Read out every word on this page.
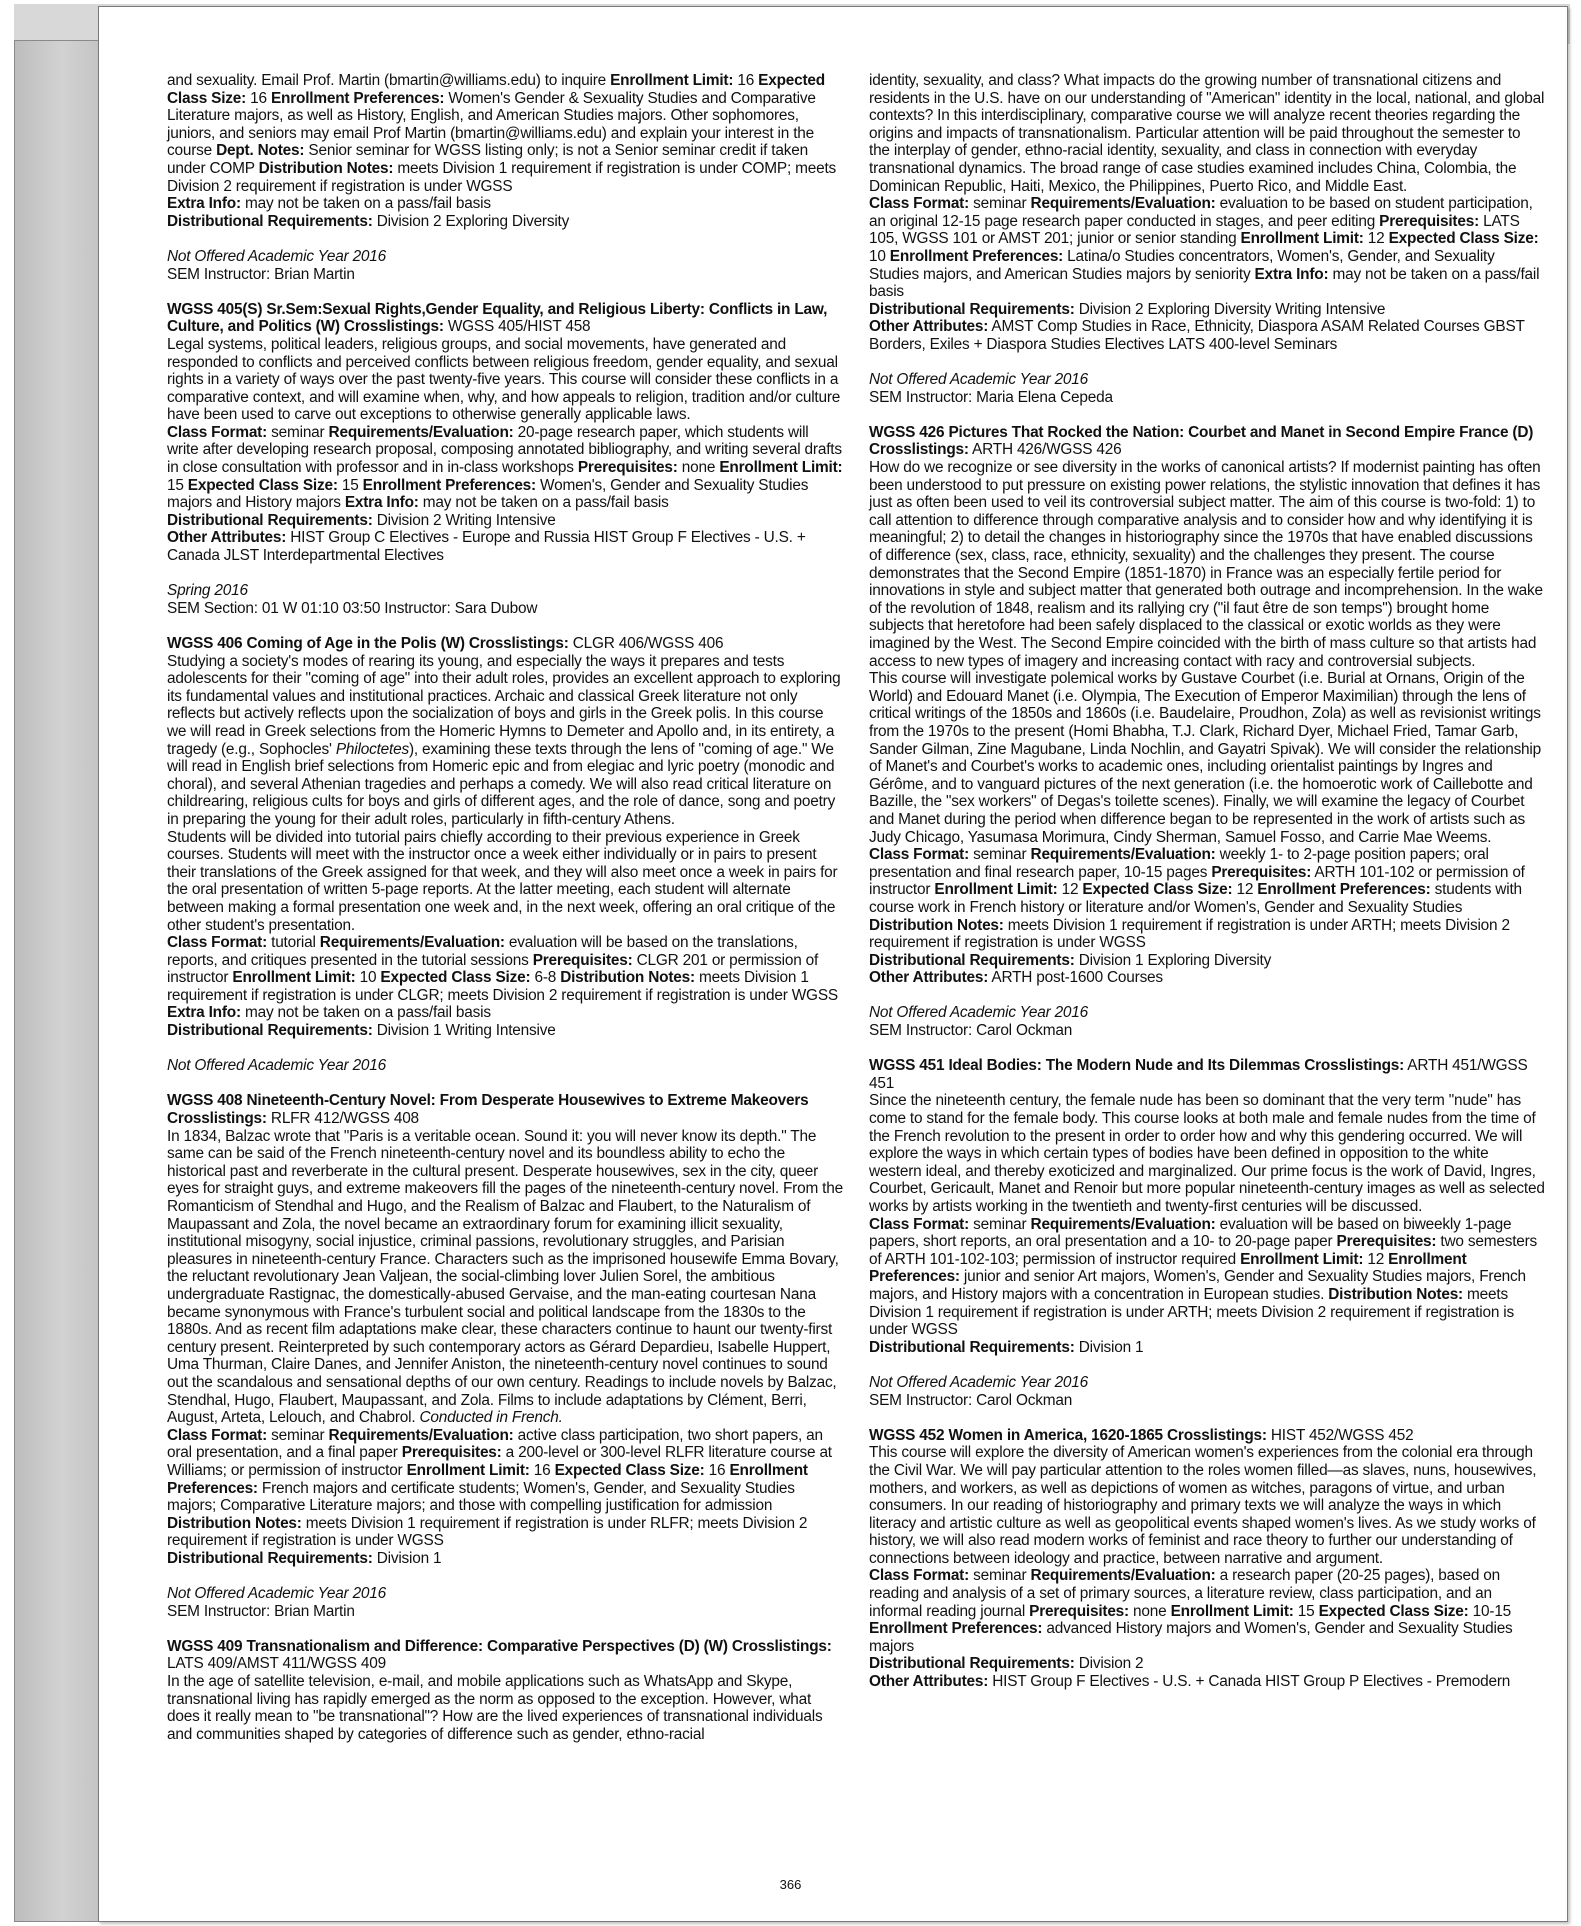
and sexuality. Email Prof. Martin (bmartin@williams.edu) to inquire Enrollment Limit: 16 Expected Class Size: 16 Enrollment Preferences: Women's Gender & Sexuality Studies and Comparative Literature majors, as well as History, English, and American Studies majors. Other sophomores, juniors, and seniors may email Prof Martin (bmartin@williams.edu) and explain your interest in the course Dept. Notes: Senior seminar for WGSS listing only; is not a Senior seminar credit if taken under COMP Distribution Notes: meets Division 1 requirement if registration is under COMP; meets Division 2 requirement if registration is under WGSS

Extra Info: may not be taken on a pass/fail basis

Distributional Requirements: Division 2 Exploring Diversity

Not Offered Academic Year 2016

SEM Instructor: Brian Martin

WGSS 405(S) Sr.Sem:Sexual Rights,Gender Equality, and Religious Liberty: Conflicts in Law, Culture, and Politics (W) Crosslistings: WGSS 405/HIST 458

Legal systems, political leaders, religious groups, and social movements, have generated and responded to conflicts and perceived conflicts between religious freedom, gender equality, and sexual rights in a variety of ways over the past twenty-five years. This course will consider these conflicts in a comparative context, and will examine when, why, and how appeals to religion, tradition and/or culture have been used to carve out exceptions to otherwise generally applicable laws.

Class Format: seminar Requirements/Evaluation: 20-page research paper, which students will write after developing research proposal, composing annotated bibliography, and writing several drafts in close consultation with professor and in in-class workshops Prerequisites: none Enrollment Limit: 15 Expected Class Size: 15 Enrollment Preferences: Women's, Gender and Sexuality Studies majors and History majors Extra Info: may not be taken on a pass/fail basis

Distributional Requirements: Division 2 Writing Intensive

Other Attributes: HIST Group C Electives - Europe and Russia HIST Group F Electives - U.S. + Canada JLST Interdepartmental Electives

Spring 2016

SEM Section: 01 W 01:10 03:50 Instructor: Sara Dubow

WGSS 406 Coming of Age in the Polis (W) Crosslistings: CLGR 406/WGSS 406

Studying a society's modes of rearing its young, and especially the ways it prepares and tests adolescents for their "coming of age" into their adult roles, provides an excellent approach to exploring its fundamental values and institutional practices. Archaic and classical Greek literature not only reflects but actively reflects upon the socialization of boys and girls in the Greek polis. In this course we will read in Greek selections from the Homeric Hymns to Demeter and Apollo and, in its entirety, a tragedy (e.g., Sophocles' Philoctetes), examining these texts through the lens of "coming of age." We will read in English brief selections from Homeric epic and from elegiac and lyric poetry (monodic and choral), and several Athenian tragedies and perhaps a comedy. We will also read critical literature on childrearing, religious cults for boys and girls of different ages, and the role of dance, song and poetry in preparing the young for their adult roles, particularly in fifth-century Athens.

Students will be divided into tutorial pairs chiefly according to their previous experience in Greek courses. Students will meet with the instructor once a week either individually or in pairs to present their translations of the Greek assigned for that week, and they will also meet once a week in pairs for the oral presentation of written 5-page reports. At the latter meeting, each student will alternate between making a formal presentation one week and, in the next week, offering an oral critique of the other student's presentation.

Class Format: tutorial Requirements/Evaluation: evaluation will be based on the translations, reports, and critiques presented in the tutorial sessions Prerequisites: CLGR 201 or permission of instructor Enrollment Limit: 10 Expected Class Size: 6-8 Distribution Notes: meets Division 1 requirement if registration is under CLGR; meets Division 2 requirement if registration is under WGSS Extra Info: may not be taken on a pass/fail basis

Distributional Requirements: Division 1 Writing Intensive

Not Offered Academic Year 2016

WGSS 408 Nineteenth-Century Novel: From Desperate Housewives to Extreme Makeovers Crosslistings: RLFR 412/WGSS 408

In 1834, Balzac wrote that "Paris is a veritable ocean. Sound it: you will never know its depth." The same can be said of the French nineteenth-century novel and its boundless ability to echo the historical past and reverberate in the cultural present. Desperate housewives, sex in the city, queer eyes for straight guys, and extreme makeovers fill the pages of the nineteenth-century novel. From the Romanticism of Stendhal and Hugo, and the Realism of Balzac and Flaubert, to the Naturalism of Maupassant and Zola, the novel became an extraordinary forum for examining illicit sexuality, institutional misogyny, social injustice, criminal passions, revolutionary struggles, and Parisian pleasures in nineteenth-century France. Characters such as the imprisoned housewife Emma Bovary, the reluctant revolutionary Jean Valjean, the social-climbing lover Julien Sorel, the ambitious undergraduate Rastignac, the domestically-abused Gervaise, and the man-eating courtesan Nana became synonymous with France's turbulent social and political landscape from the 1830s to the 1880s. And as recent film adaptations make clear, these characters continue to haunt our twenty-first century present. Reinterpreted by such contemporary actors as Gérard Depardieu, Isabelle Huppert, Uma Thurman, Claire Danes, and Jennifer Aniston, the nineteenth-century novel continues to sound out the scandalous and sensational depths of our own century. Readings to include novels by Balzac, Stendhal, Hugo, Flaubert, Maupassant, and Zola. Films to include adaptations by Clément, Berri, August, Arteta, Lelouch, and Chabrol. Conducted in French.

Class Format: seminar Requirements/Evaluation: active class participation, two short papers, an oral presentation, and a final paper Prerequisites: a 200-level or 300-level RLFR literature course at Williams; or permission of instructor Enrollment Limit: 16 Expected Class Size: 16 Enrollment Preferences: French majors and certificate students; Women's, Gender, and Sexuality Studies majors; Comparative Literature majors; and those with compelling justification for admission Distribution Notes: meets Division 1 requirement if registration is under RLFR; meets Division 2 requirement if registration is under WGSS

Distributional Requirements: Division 1

Not Offered Academic Year 2016

SEM Instructor: Brian Martin

WGSS 409 Transnationalism and Difference: Comparative Perspectives (D) (W) Crosslistings: LATS 409/AMST 411/WGSS 409

In the age of satellite television, e-mail, and mobile applications such as WhatsApp and Skype, transnational living has rapidly emerged as the norm as opposed to the exception. However, what does it really mean to "be transnational"? How are the lived experiences of transnational individuals and communities shaped by categories of difference such as gender, ethno-racial

identity, sexuality, and class? What impacts do the growing number of transnational citizens and residents in the U.S. have on our understanding of "American" identity in the local, national, and global contexts? In this interdisciplinary, comparative course we will analyze recent theories regarding the origins and impacts of transnationalism. Particular attention will be paid throughout the semester to the interplay of gender, ethno-racial identity, sexuality, and class in connection with everyday transnational dynamics. The broad range of case studies examined includes China, Colombia, the Dominican Republic, Haiti, Mexico, the Philippines, Puerto Rico, and Middle East.

Class Format: seminar Requirements/Evaluation: evaluation to be based on student participation, an original 12-15 page research paper conducted in stages, and peer editing Prerequisites: LATS 105, WGSS 101 or AMST 201; junior or senior standing Enrollment Limit: 12 Expected Class Size: 10 Enrollment Preferences: Latina/o Studies concentrators, Women's, Gender, and Sexuality Studies majors, and American Studies majors by seniority Extra Info: may not be taken on a pass/fail basis

Distributional Requirements: Division 2 Exploring Diversity Writing Intensive

Other Attributes: AMST Comp Studies in Race, Ethnicity, Diaspora ASAM Related Courses GBST Borders, Exiles + Diaspora Studies Electives LATS 400-level Seminars

Not Offered Academic Year 2016

SEM Instructor: Maria Elena Cepeda

WGSS 426 Pictures That Rocked the Nation: Courbet and Manet in Second Empire France (D) Crosslistings: ARTH 426/WGSS 426

How do we recognize or see diversity in the works of canonical artists? If modernist painting has often been understood to put pressure on existing power relations, the stylistic innovation that defines it has just as often been used to veil its controversial subject matter. The aim of this course is two-fold: 1) to call attention to difference through comparative analysis and to consider how and why identifying it is meaningful; 2) to detail the changes in historiography since the 1970s that have enabled discussions of difference (sex, class, race, ethnicity, sexuality) and the challenges they present. The course demonstrates that the Second Empire (1851-1870) in France was an especially fertile period for innovations in style and subject matter that generated both outrage and incomprehension. In the wake of the revolution of 1848, realism and its rallying cry ("il faut être de son temps") brought home subjects that heretofore had been safely displaced to the classical or exotic worlds as they were imagined by the West. The Second Empire coincided with the birth of mass culture so that artists had access to new types of imagery and increasing contact with racy and controversial subjects.

This course will investigate polemical works by Gustave Courbet (i.e. Burial at Ornans, Origin of the World) and Edouard Manet (i.e. Olympia, The Execution of Emperor Maximilian) through the lens of critical writings of the 1850s and 1860s (i.e. Baudelaire, Proudhon, Zola) as well as revisionist writings from the 1970s to the present (Homi Bhabha, T.J. Clark, Richard Dyer, Michael Fried, Tamar Garb, Sander Gilman, Zine Magubane, Linda Nochlin, and Gayatri Spivak). We will consider the relationship of Manet's and Courbet's works to academic ones, including orientalist paintings by Ingres and Gérôme, and to vanguard pictures of the next generation (i.e. the homoerotic work of Caillebotte and Bazille, the "sex workers" of Degas's toilette scenes). Finally, we will examine the legacy of Courbet and Manet during the period when difference began to be represented in the work of artists such as Judy Chicago, Yasumasa Morimura, Cindy Sherman, Samuel Fosso, and Carrie Mae Weems.

Class Format: seminar Requirements/Evaluation: weekly 1- to 2-page position papers; oral presentation and final research paper, 10-15 pages Prerequisites: ARTH 101-102 or permission of instructor Enrollment Limit: 12 Expected Class Size: 12 Enrollment Preferences: students with course work in French history or literature and/or Women's, Gender and Sexuality Studies Distribution Notes: meets Division 1 requirement if registration is under ARTH; meets Division 2 requirement if registration is under WGSS

Distributional Requirements: Division 1 Exploring Diversity

Other Attributes: ARTH post-1600 Courses

Not Offered Academic Year 2016

SEM Instructor: Carol Ockman

WGSS 451 Ideal Bodies: The Modern Nude and Its Dilemmas Crosslistings: ARTH 451/WGSS 451

Since the nineteenth century, the female nude has been so dominant that the very term "nude" has come to stand for the female body. This course looks at both male and female nudes from the time of the French revolution to the present in order to order how and why this gendering occurred. We will explore the ways in which certain types of bodies have been defined in opposition to the white western ideal, and thereby exoticized and marginalized. Our prime focus is the work of David, Ingres, Courbet, Gericault, Manet and Renoir but more popular nineteenth-century images as well as selected works by artists working in the twentieth and twenty-first centuries will be discussed.

Class Format: seminar Requirements/Evaluation: evaluation will be based on biweekly 1-page papers, short reports, an oral presentation and a 10- to 20-page paper Prerequisites: two semesters of ARTH 101-102-103; permission of instructor required Enrollment Limit: 12 Enrollment Preferences: junior and senior Art majors, Women's, Gender and Sexuality Studies majors, French majors, and History majors with a concentration in European studies. Distribution Notes: meets Division 1 requirement if registration is under ARTH; meets Division 2 requirement if registration is under WGSS

Distributional Requirements: Division 1

Not Offered Academic Year 2016

SEM Instructor: Carol Ockman

WGSS 452 Women in America, 1620-1865 Crosslistings: HIST 452/WGSS 452

This course will explore the diversity of American women's experiences from the colonial era through the Civil War. We will pay particular attention to the roles women filled—as slaves, nuns, housewives, mothers, and workers, as well as depictions of women as witches, paragons of virtue, and urban consumers. In our reading of historiography and primary texts we will analyze the ways in which literacy and artistic culture as well as geopolitical events shaped women's lives. As we study works of history, we will also read modern works of feminist and race theory to further our understanding of connections between ideology and practice, between narrative and argument.

Class Format: seminar Requirements/Evaluation: a research paper (20-25 pages), based on reading and analysis of a set of primary sources, a literature review, class participation, and an informal reading journal Prerequisites: none Enrollment Limit: 15 Expected Class Size: 10-15 Enrollment Preferences: advanced History majors and Women's, Gender and Sexuality Studies majors

Distributional Requirements: Division 2

Other Attributes: HIST Group F Electives - U.S. + Canada HIST Group P Electives - Premodern

366
